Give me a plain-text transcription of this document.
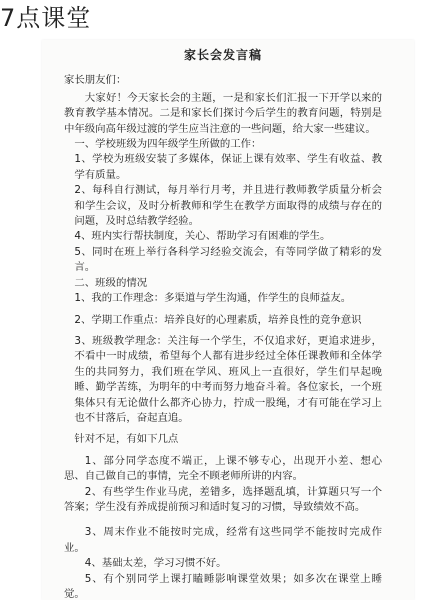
7点课堂

家长会发言稿

家长朋友们：

大家好！今天家长会的主题，一是和家长们汇报一下开学以来的教育教学基本情况。二是和家长们探讨今后学生的教育问题，特别是中年级向高年级过渡的学生应当注意的一些问题，给大家一些建议。

一、学校班级为四年级学生所做的工作：

1、学校为班级安装了多媒体，保证上课有效率、学生有收益、教学有质量。

2、每科自行测试，每月举行月考，并且进行教师教学质量分析会和学生会议，及时分析教师和学生在教学方面取得的成绩与存在的问题，及时总结教学经验。

4、班内实行帮扶制度，关心、帮助学习有困难的学生。

5、同时在班上举行各科学习经验交流会，有等同学做了精彩的发言。

二、班级的情况

1、我的工作理念：多渠道与学生沟通，作学生的良师益友。

2、学期工作重点：培养良好的心理素质，培养良性的竞争意识

3、班级教学理念：关注每一个学生，不仅追求好，更追求进步，不看中一时成绩，希望每个人都有进步经过全体任课教师和全体学生的共同努力，我们班在学风、班风上一直很好，学生们早起晚睡、勤学苦练，为明年的中考而努力地奋斗着。各位家长，一个班集体只有无论做什么都齐心协力，拧成一股绳，才有可能在学习上也不甘落后，奋起直追。

针对不足，有如下几点

1、部分同学态度不端正，上课不够专心，出现开小差、想心思、自己做自己的事情，完全不顾老师所讲的内容。

2、有些学生作业马虎，差错多，选择题乱填，计算题只写一个答案；学生没有养成提前预习和适时复习的习惯，导致绩效不高。

3、周末作业不能按时完成，经常有这些同学不能按时完成作业。

4、基础太差，学习习惯不好。

5、有个别同学上课打瞌睡影响课堂效果；如多次在课堂上睡觉。
